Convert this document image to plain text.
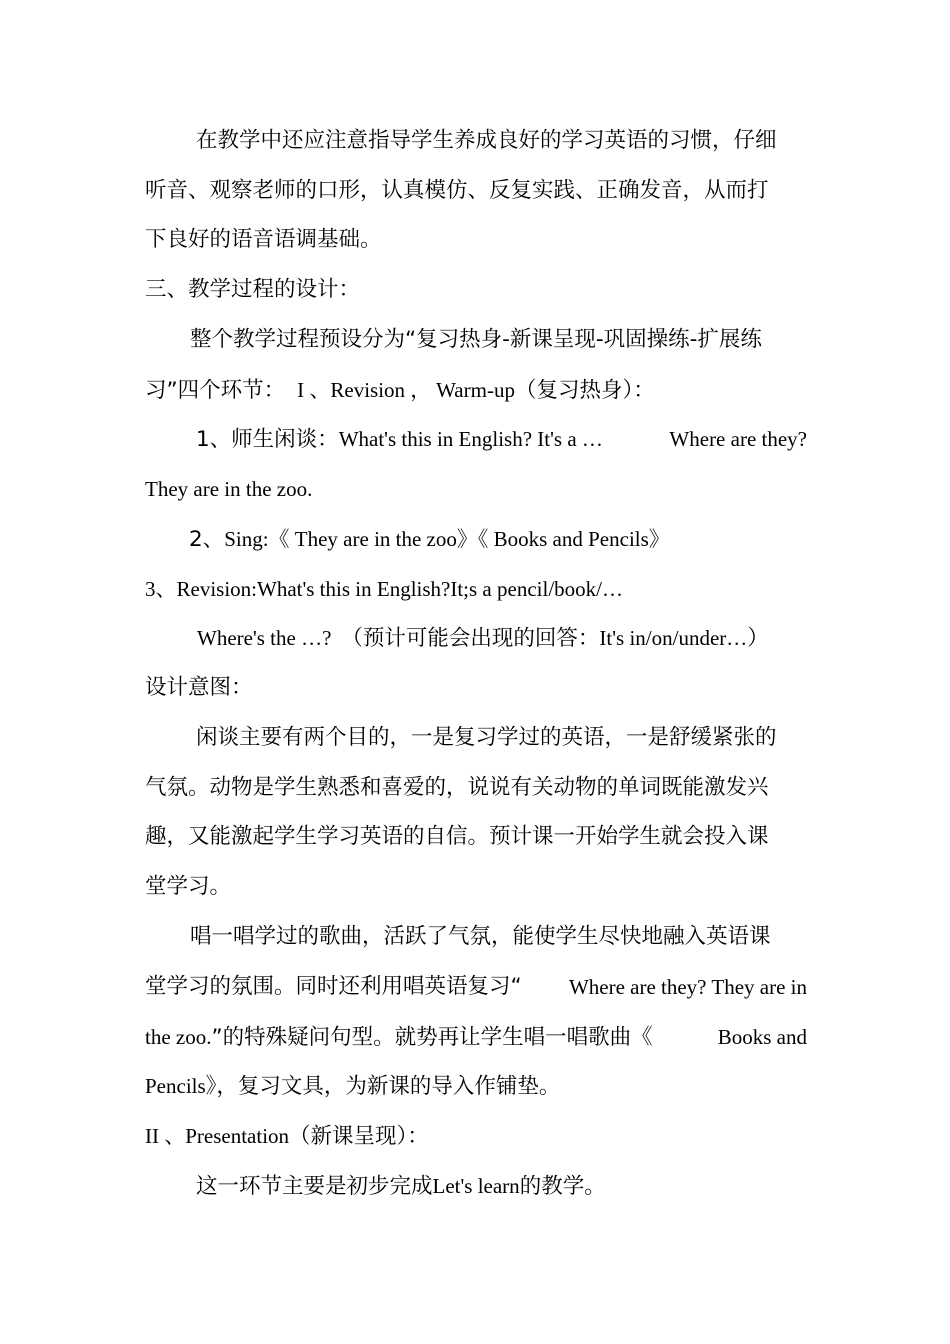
在教学中还应注意指导学生养成良好的学习英语的习惯，仔细
听音、观察老师的口形，认真模仿、反复实践、正确发音，从而打
下良好的语音语调基础。
三、教学过程的设计：
整个教学过程预设分为“复习热身-新课呈现-巩固操练-扩展练
习”四个环节： I 、Revision ， Warm-up（复习热身）：
1、师生闲谈：What's this in English? It's a …	Where are they?
They are in the zoo.
2、Sing:《 They are in the zoo》《 Books and Pencils》
3、Revision:What's this in English?It;s a pencil/book/…
Where's the …? （预计可能会出现的回答：It's in/on/under…）
设计意图：
闲谈主要有两个目的，一是复习学过的英语，一是舒缓紧张的
气氛。动物是学生熟悉和喜爱的，说说有关动物的单词既能激发兴
趣，又能激起学生学习英语的自信。预计课一开始学生就会投入课
堂学习。
唱一唱学过的歌曲，活跃了气氛，能使学生尽快地融入英语课
堂学习的氛围。同时还利用唱英语复习“ Where are they? They are in
the zoo.”的特殊疑问句型。就势再让学生唱一唱歌曲《	Books and
Pencils》，复习文具，为新课的导入作铺垫。
II 、Presentation（新课呈现）：
这一环节主要是初步完成Let's learn的教学。
